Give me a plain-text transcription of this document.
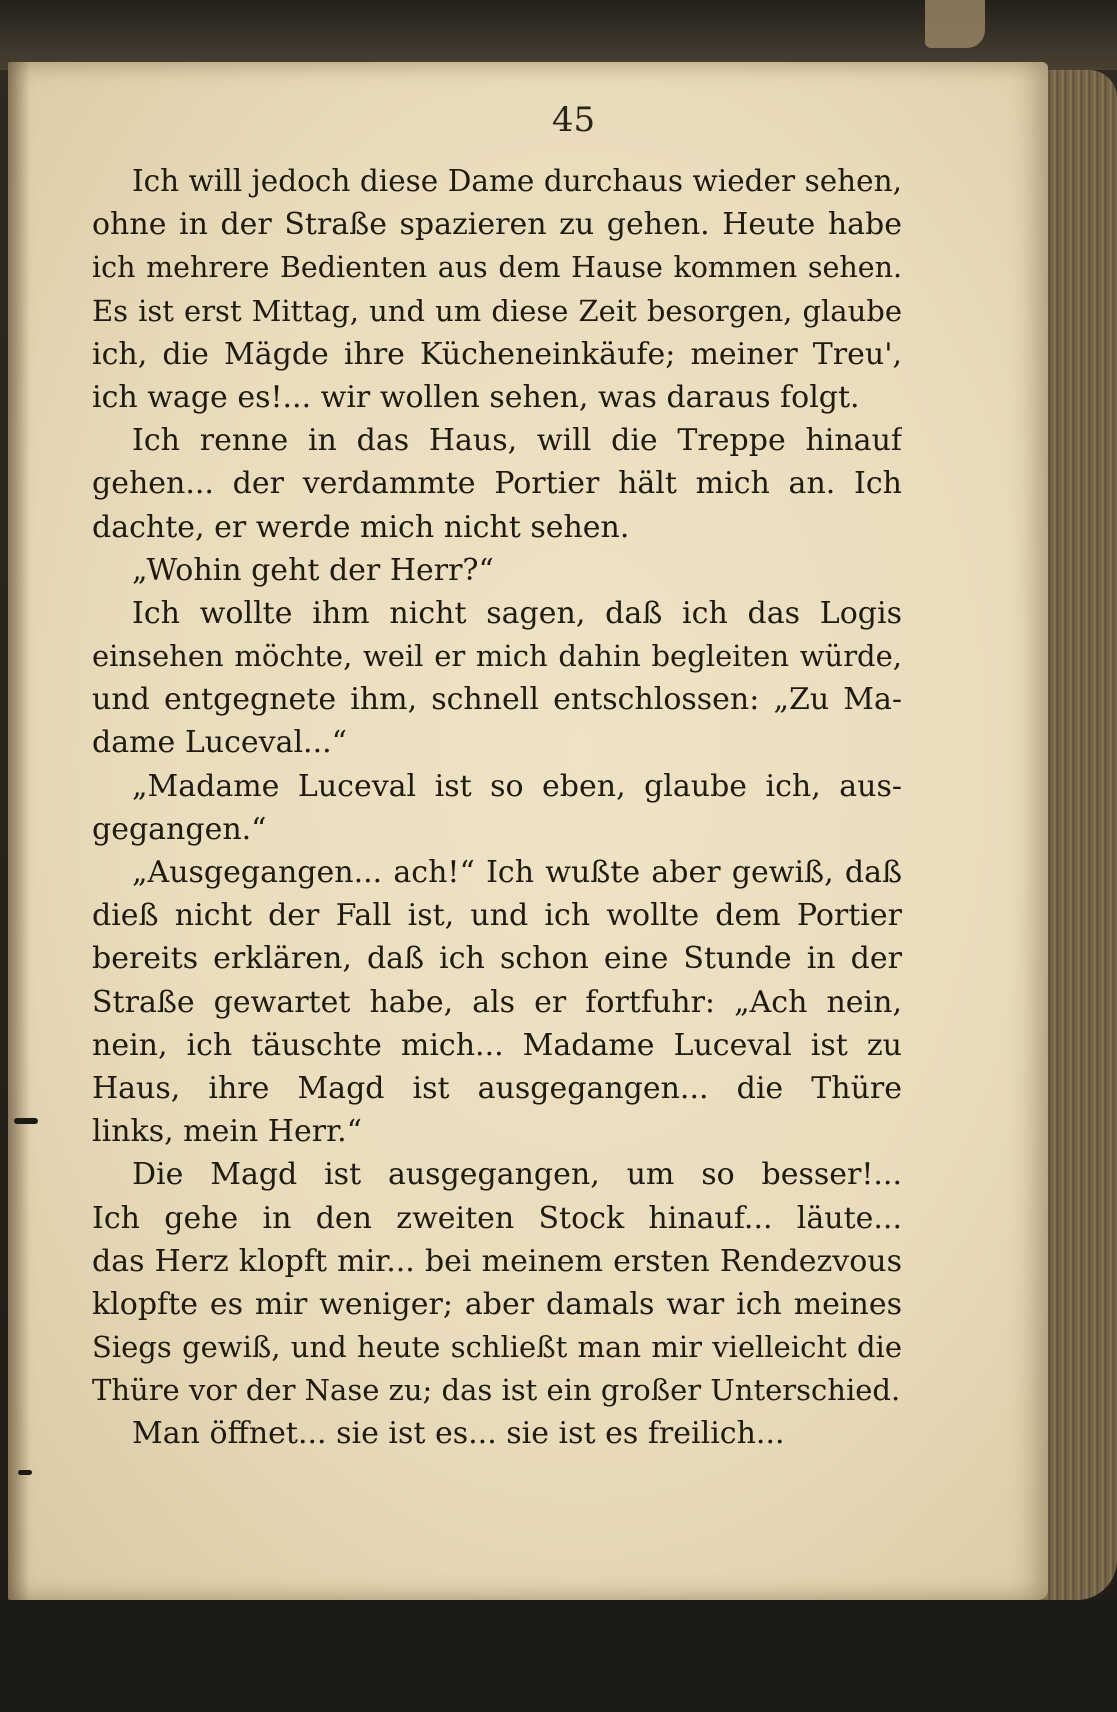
45
Ich will jedoch diese Dame durchaus wieder sehen,
ohne in der Straße spazieren zu gehen. Heute habe
ich mehrere Bedienten aus dem Hause kommen sehen.
Es ist erst Mittag, und um diese Zeit besorgen, glaube
ich, die Mägde ihre Kücheneinkäufe; meiner Treu',
ich wage es!... wir wollen sehen, was daraus folgt.
Ich renne in das Haus, will die Treppe hinauf
gehen... der verdammte Portier hält mich an. Ich
dachte, er werde mich nicht sehen.
„Wohin geht der Herr?“
Ich wollte ihm nicht sagen, daß ich das Logis
einsehen möchte, weil er mich dahin begleiten würde,
und entgegnete ihm, schnell entschlossen: „Zu Ma-
dame Luceval...“
„Madame Luceval ist so eben, glaube ich, aus-
gegangen.“
„Ausgegangen... ach!“ Ich wußte aber gewiß, daß
dieß nicht der Fall ist, und ich wollte dem Portier
bereits erklären, daß ich schon eine Stunde in der
Straße gewartet habe, als er fortfuhr: „Ach nein,
nein, ich täuschte mich... Madame Luceval ist zu
Haus, ihre Magd ist ausgegangen... die Thüre
links, mein Herr.“
Die Magd ist ausgegangen, um so besser!...
Ich gehe in den zweiten Stock hinauf... läute...
das Herz klopft mir... bei meinem ersten Rendezvous
klopfte es mir weniger; aber damals war ich meines
Siegs gewiß, und heute schließt man mir vielleicht die
Thüre vor der Nase zu; das ist ein großer Unterschied.
Man öffnet... sie ist es... sie ist es freilich...
